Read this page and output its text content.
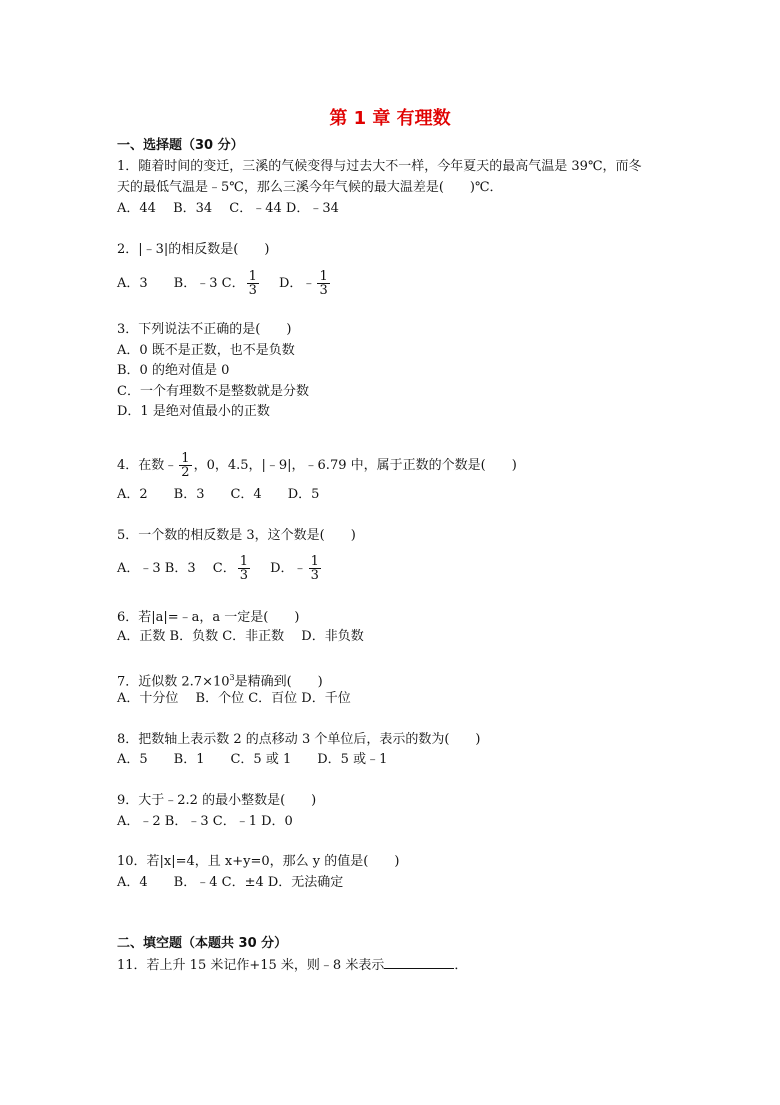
第 1 章 有理数
一、选择题（30 分）
1．随着时间的变迁，三溪的气候变得与过去大不一样，今年夏天的最高气温是 39℃，而冬
天的最低气温是﹣5℃，那么三溪今年气候的最大温差是(　　)℃．
A．44　 B．34　 C．﹣44 D．﹣34
2．|﹣3|的相反数是(　　)
A．3　　B．﹣3 C． $\frac{1}{3}$ D．﹣ $\frac{1}{3}$
3．下列说法不正确的是(　　)
A．0 既不是正数，也不是负数
B．0 的绝对值是 0
C．一个有理数不是整数就是分数
D．1 是绝对值最小的正数
4．在数﹣ $\frac{1}{2}$ ，0，4.5，|﹣9|，﹣6.79 中，属于正数的个数是(　　)
A．2　　B．3　　C．4　　D．5
5．一个数的相反数是 3，这个数是(　　)
A．﹣3 B．3　 C． $\frac{1}{3}$ D．﹣ $\frac{1}{3}$
6．若|a|=﹣a，a 一定是(　　)
A．正数 B．负数 C．非正数　 D．非负数
7．近似数 $2.7\times 10^3$是精确到(　　)
A．十分位　 B．个位 C．百位 D．千位
8．把数轴上表示数 2 的点移动 3 个单位后，表示的数为(　　)
A．5　　B．1　　C．5 或 1　　D．5 或﹣1
9．大于﹣2.2 的最小整数是(　　)
A．﹣2 B．﹣3 C．﹣1 D．0
10．若|x|=4，且 x+y=0，那么 y 的值是(　　)
A．4　　B．﹣4 C．±4 D．无法确定
二、填空题（本题共 30 分）
11．若上升 15 米记作+15 米，则﹣8 米表示	．
